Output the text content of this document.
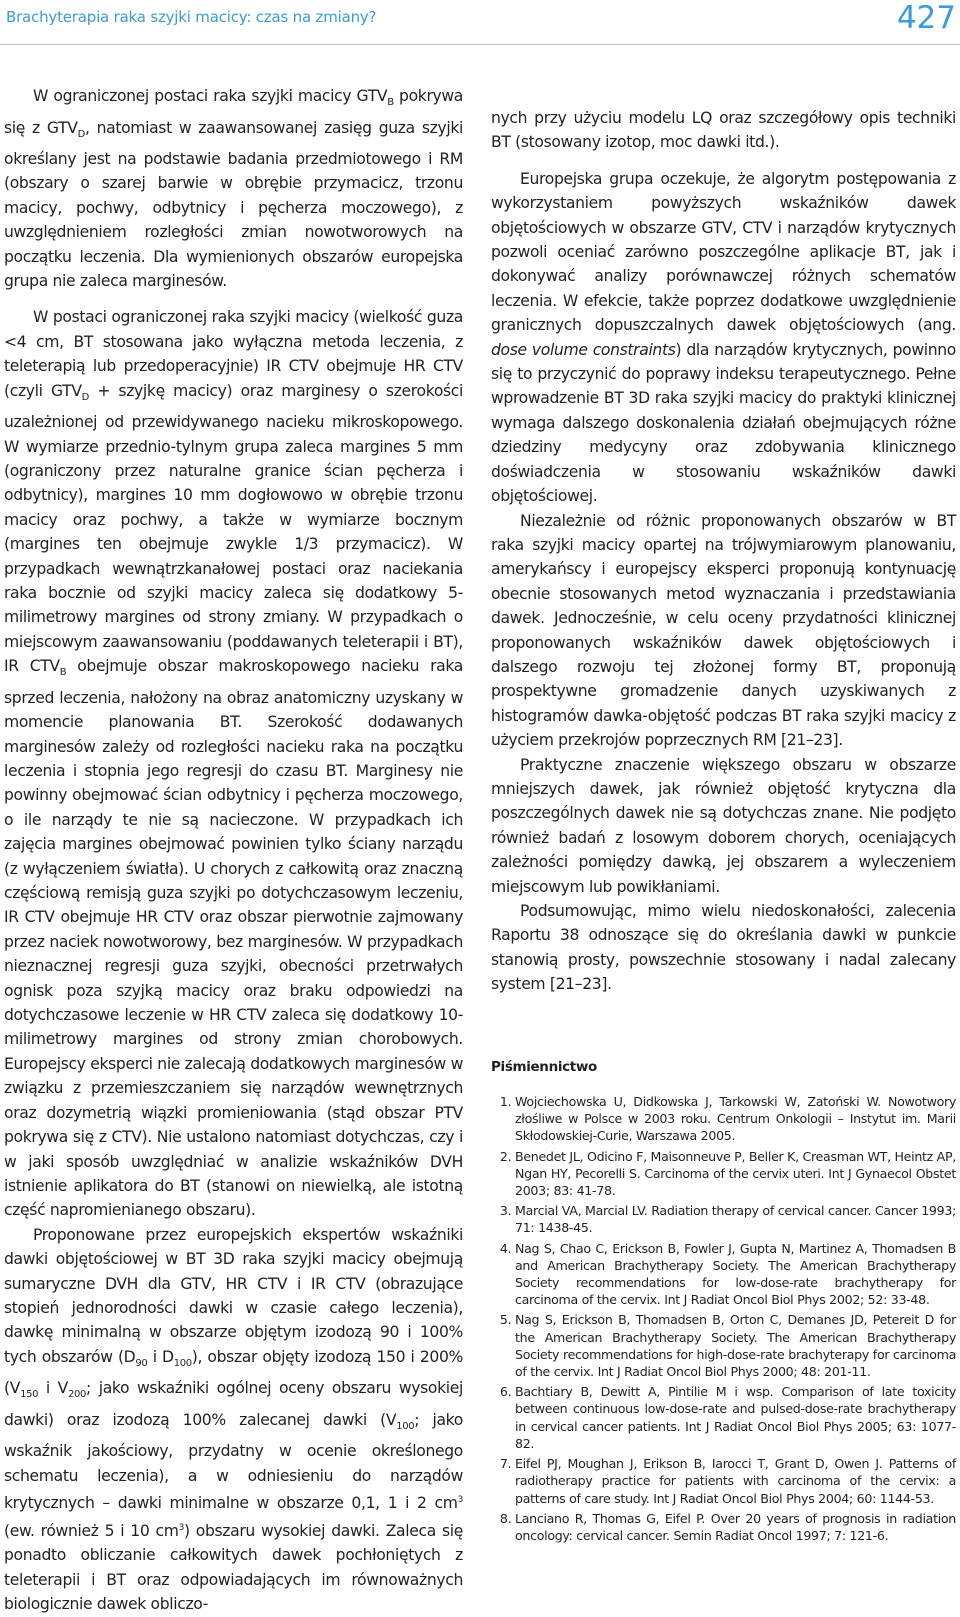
Brachyterapia raka szyjki macicy: czas na zmiany?	427

W ograniczonej postaci raka szyjki macicy $GTV_B$ pokrywa się z $GTV_D$, natomiast w zaawansowanej zasięg guza szyjki określany jest na podstawie badania przedmiotowego i RM (obszary o szarej barwie w obrębie przymacicz, trzonu macicy, pochwy, odbytnicy i pęcherza moczowego), z uwzględnieniem rozległości zmian nowotworowych na początku leczenia. Dla wymienionych obszarów europejska grupa nie zaleca marginesów.

W postaci ograniczonej raka szyjki macicy (wielkość guza <4 cm, BT stosowana jako wyłączna metoda leczenia, z teleterapią lub przedoperacyjnie) IR CTV obejmuje HR CTV (czyli $GTV_D$ + szyjkę macicy) oraz marginesy o szerokości uzależnionej od przewidywanego nacieku mikroskopowego. W wymiarze przednio-tylnym grupa zaleca margines 5 mm (ograniczony przez naturalne granice ścian pęcherza i odbytnicy), margines 10 mm dogłowowo w obrębie trzonu macicy oraz pochwy, a także w wymiarze bocznym (margines ten obejmuje zwykle 1/3 przymacicz). W przypadkach wewnątrzkanałowej postaci oraz naciekania raka bocznie od szyjki macicy zaleca się dodatkowy 5-milimetrowy margines od strony zmiany. W przypadkach o miejscowym zaawansowaniu (poddawanych teleterapii i BT), IR $CTV_B$ obejmuje obszar makroskopowego nacieku raka sprzed leczenia, nałożony na obraz anatomiczny uzyskany w momencie planowania BT. Szerokość dodawanych marginesów zależy od rozległości nacieku raka na początku leczenia i stopnia jego regresji do czasu BT. Marginesy nie powinny obejmować ścian odbytnicy i pęcherza moczowego, o ile narządy te nie są nacieczone. W przypadkach ich zajęcia margines obejmować powinien tylko ściany narządu (z wyłączeniem światła). U chorych z całkowitą oraz znaczną częściową remisją guza szyjki po dotychczasowym leczeniu, IR CTV obejmuje HR CTV oraz obszar pierwotnie zajmowany przez naciek nowotworowy, bez marginesów. W przypadkach nieznacznej regresji guza szyjki, obecności przetrwałych ognisk poza szyjką macicy oraz braku odpowiedzi na dotychczasowe leczenie w HR CTV zaleca się dodatkowy 10-milimetrowy margines od strony zmian chorobowych. Europejscy eksperci nie zalecają dodatkowych marginesów w związku z przemieszczaniem się narządów wewnętrznych oraz dozymetrią wiązki promieniowania (stąd obszar PTV pokrywa się z CTV). Nie ustalono natomiast dotychczas, czy i w jaki sposób uwzględniać w analizie wskaźników DVH istnienie aplikatora do BT (stanowi on niewielką, ale istotną część napromienianego obszaru).

Proponowane przez europejskich ekspertów wskaźniki dawki objętościowej w BT 3D raka szyjki macicy obejmują sumaryczne DVH dla GTV, HR CTV i IR CTV (obrazujące stopień jednorodności dawki w czasie całego leczenia), dawkę minimalną w obszarze objętym izodozą 90 i 100% tych obszarów ($D_{90}$ i $D_{100}$), obszar objęty izodozą 150 i 200% ($V_{150}$ i $V_{200}$; jako wskaźniki ogólnej oceny obszaru wysokiej dawki) oraz izodozą 100% zalecanej dawki ($V_{100}$; jako wskaźnik jakościowy, przydatny w ocenie określonego schematu leczenia), a w odniesieniu do narządów krytycznych – dawki minimalne w obszarze 0,1, 1 i 2 $cm^3$ (ew. również 5 i 10 $cm^3$) obszaru wysokiej dawki. Zaleca się ponadto obliczanie całkowitych dawek pochłoniętych z teleterapii i BT oraz odpowiadających im równoważnych biologicznie dawek obliczo-

nych przy użyciu modelu LQ oraz szczegółowy opis techniki BT (stosowany izotop, moc dawki itd.).

Europejska grupa oczekuje, że algorytm postępowania z wykorzystaniem powyższych wskaźników dawek objętościowych w obszarze GTV, CTV i narządów krytycznych pozwoli oceniać zarówno poszczególne aplikacje BT, jak i dokonywać analizy porównawczej różnych schematów leczenia. W efekcie, także poprzez dodatkowe uwzględnienie granicznych dopuszczalnych dawek objętościowych (ang. dose volume constraints) dla narządów krytycznych, powinno się to przyczynić do poprawy indeksu terapeutycznego. Pełne wprowadzenie BT 3D raka szyjki macicy do praktyki klinicznej wymaga dalszego doskonalenia działań obejmujących różne dziedziny medycyny oraz zdobywania klinicznego doświadczenia w stosowaniu wskaźników dawki objętościowej.

Niezależnie od różnic proponowanych obszarów w BT raka szyjki macicy opartej na trójwymiarowym planowaniu, amerykańscy i europejscy eksperci proponują kontynuację obecnie stosowanych metod wyznaczania i przedstawiania dawek. Jednocześnie, w celu oceny przydatności klinicznej proponowanych wskaźników dawek objętościowych i dalszego rozwoju tej złożonej formy BT, proponują prospektywne gromadzenie danych uzyskiwanych z histogramów dawka-objętość podczas BT raka szyjki macicy z użyciem przekrojów poprzecznych RM [21–23].

Praktyczne znaczenie większego obszaru w obszarze mniejszych dawek, jak również objętość krytyczna dla poszczególnych dawek nie są dotychczas znane. Nie podjęto również badań z losowym doborem chorych, oceniających zależności pomiędzy dawką, jej obszarem a wyleczeniem miejscowym lub powikłaniami.

Podsumowując, mimo wielu niedoskonałości, zalecenia Raportu 38 odnoszące się do określania dawki w punkcie stanowią prosty, powszechnie stosowany i nadal zalecany system [21–23].

Piśmiennictwo
1. Wojciechowska U, Didkowska J, Tarkowski W, Zatoński W. Nowotwory złośliwe w Polsce w 2003 roku. Centrum Onkologii – Instytut im. Marii Skłodowskiej-Curie, Warszawa 2005.
2. Benedet JL, Odicino F, Maisonneuve P, Beller K, Creasman WT, Heintz AP, Ngan HY, Pecorelli S. Carcinoma of the cervix uteri. Int J Gynaecol Obstet 2003; 83: 41-78.
3. Marcial VA, Marcial LV. Radiation therapy of cervical cancer. Cancer 1993; 71: 1438-45.
4. Nag S, Chao C, Erickson B, Fowler J, Gupta N, Martinez A, Thomadsen B and American Brachytherapy Society. The American Brachytherapy Society recommendations for low-dose-rate brachytherapy for carcinoma of the cervix. Int J Radiat Oncol Biol Phys 2002; 52: 33-48.
5. Nag S, Erickson B, Thomadsen B, Orton C, Demanes JD, Petereit D for the American Brachytherapy Society. The American Brachytherapy Society recommendations for high-dose-rate brachyterapy for carcinoma of the cervix. Int J Radiat Oncol Biol Phys 2000; 48: 201-11.
6. Bachtiary B, Dewitt A, Pintilie M i wsp. Comparison of late toxicity between continuous low-dose-rate and pulsed-dose-rate brachytherapy in cervical cancer patients. Int J Radiat Oncol Biol Phys 2005; 63: 1077-82.
7. Eifel PJ, Moughan J, Erikson B, Iarocci T, Grant D, Owen J. Patterns of radiotherapy practice for patients with carcinoma of the cervix: a patterns of care study. Int J Radiat Oncol Biol Phys 2004; 60: 1144-53.
8. Lanciano R, Thomas G, Eifel P. Over 20 years of prognosis in radiation oncology: cervical cancer. Semin Radiat Oncol 1997; 7: 121-6.
